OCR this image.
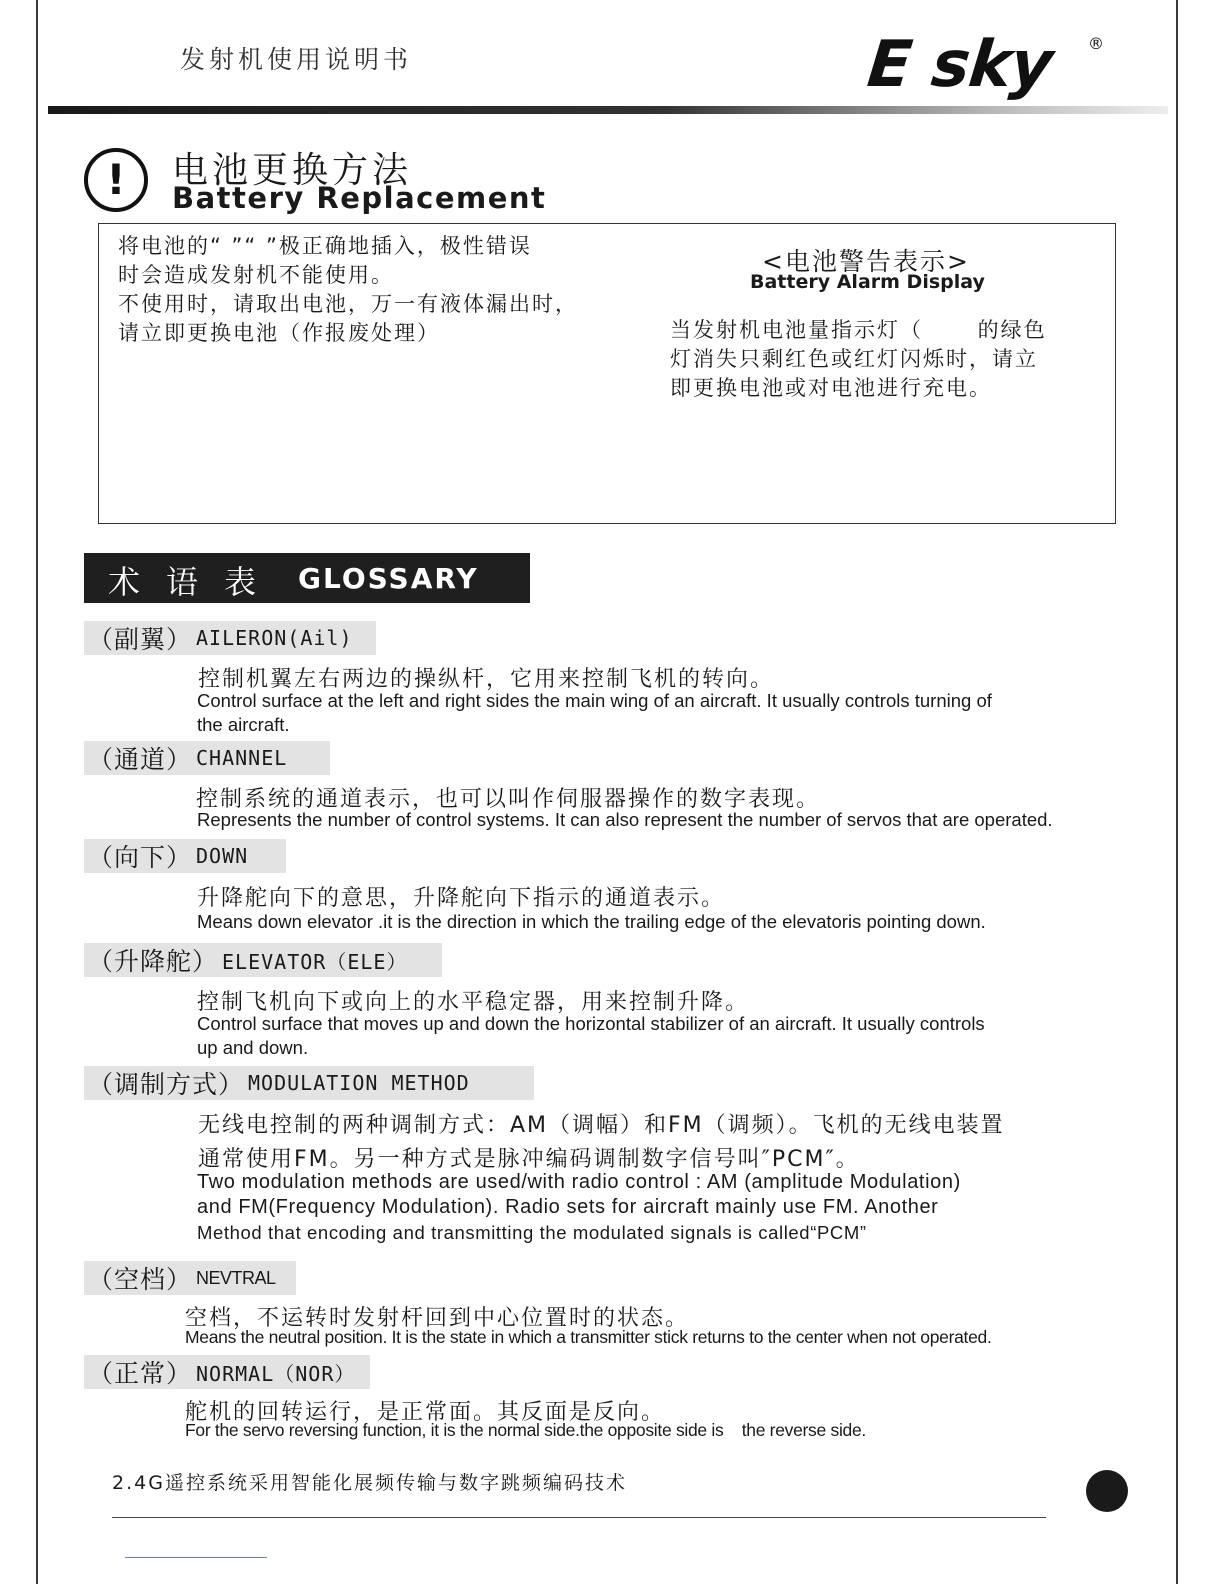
发射机使用说明书	E sky ®
!	电池更换方法
Battery Replacement
将电池的“ ”“ ”极正确地插入，极性错误
时会造成发射机不能使用。
不使用时，请取出电池，万一有液体漏出时，
请立即更换电池（作报废处理）
<电池警告表示>
Battery Alarm Display
当发射机电池量指示灯（　　 的绿色
灯消失只剩红色或红灯闪烁时，请立
即更换电池或对电池进行充电。
术语表 GLOSSARY
（副翼） AILERON(Ail)
控制机翼左右两边的操纵杆，它用来控制飞机的转向。
Control surface at the left and right sides the main wing of an aircraft. It usually controls turning of
the aircraft.
（通道） CHANNEL
控制系统的通道表示，也可以叫作伺服器操作的数字表现。
Represents the number of control systems. It can also represent the number of servos that are operated.
（向下） DOWN
升降舵向下的意思，升降舵向下指示的通道表示。
Means down elevator .it is the direction in which the trailing edge of the elevatoris pointing down.
（升降舵） ELEVATOR（ELE）
控制飞机向下或向上的水平稳定器，用来控制升降。
Control surface that moves up and down the horizontal stabilizer of an aircraft. It usually controls
up and down.
（调制方式） MODULATION METHOD
无线电控制的两种调制方式：AM（调幅）和FM（调频）。飞机的无线电装置
通常使用FM。另一种方式是脉冲编码调制数字信号叫″PCM″。
Two modulation methods are used/with radio control : AM (amplitude Modulation)
and FM(Frequency Modulation). Radio sets for aircraft mainly use FM. Another
Method that encoding and transmitting the modulated signals is called“PCM”
（空档） NEVTRAL
空档，不运转时发射杆回到中心位置时的状态。
Means the neutral position. It is the state in which a transmitter stick returns to the center when not operated.
（正常） NORMAL（NOR）
舵机的回转运行，是正常面。其反面是反向。
For the servo reversing function, it is the normal side.the opposite side is    the reverse side.
2.4G遥控系统采用智能化展频传输与数字跳频编码技术
